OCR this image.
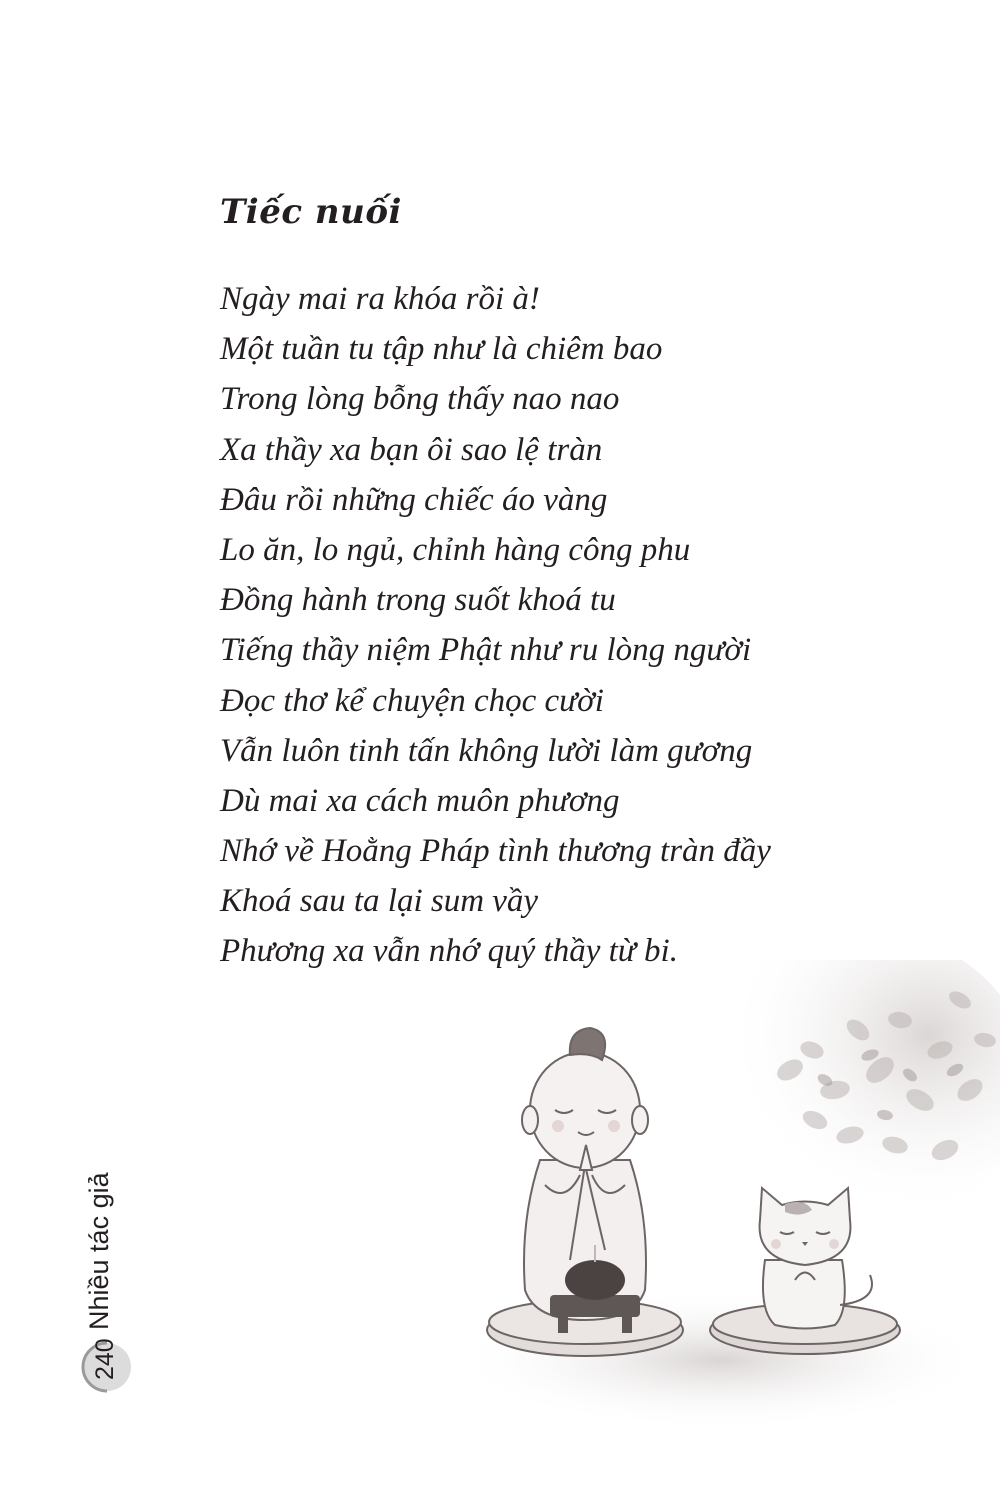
Tiếc nuối
Ngày mai ra khóa rồi à!
Một tuần tu tập như là chiêm bao
Trong lòng bỗng thấy nao nao
Xa thầy xa bạn ôi sao lệ tràn
Đâu rồi những chiếc áo vàng
Lo ăn, lo ngủ, chỉnh hàng công phu
Đồng hành trong suốt khoá tu
Tiếng thầy niệm Phật như ru lòng người
Đọc thơ kể chuyện chọc cười
Vẫn luôn tinh tấn không lười làm gương
Dù mai xa cách muôn phương
Nhớ về Hoằng Pháp tình thương tràn đầy
Khoá sau ta lại sum vầy
Phương xa vẫn nhớ quý thầy từ bi.
Nhiều tác giả
240
